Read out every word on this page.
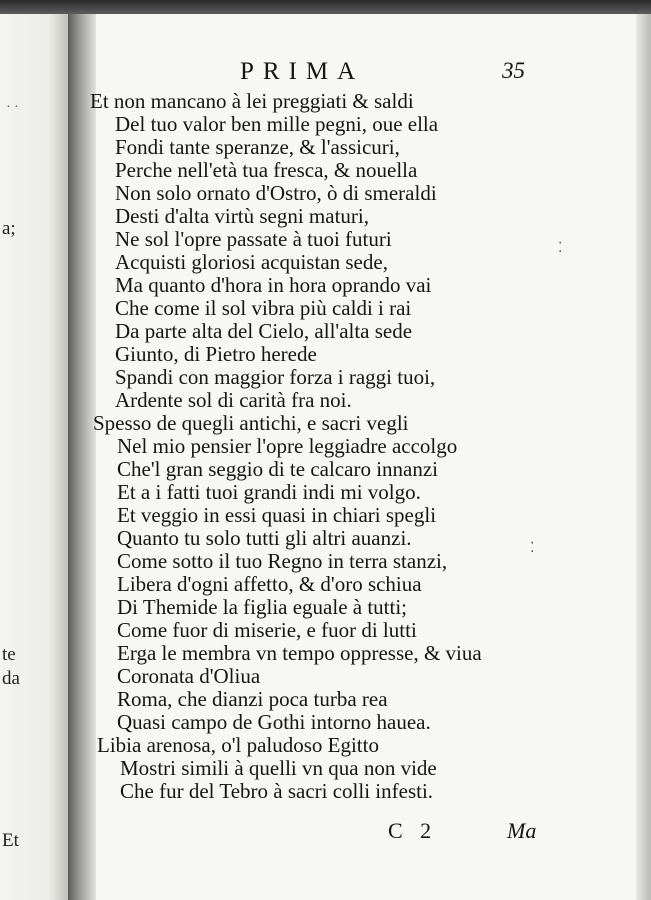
a;
te
da
Et
PRIMA	35
Et non mancano à lei preggiati & saldi
Del tuo valor ben mille pegni, oue ella
Fondi tante speranze, & l'assicuri,
Perche nell'età tua fresca, & nouella
Non solo ornato d'Ostro, ò di smeraldi
Desti d'alta virtù segni maturi,
Ne sol l'opre passate à tuoi futuri
Acquisti gloriosi acquistan sede,
Ma quanto d'hora in hora oprando vai
Che come il sol vibra più caldi i rai
Da parte alta del Cielo, all'alta sede
Giunto, di Pietro herede
Spandi con maggior forza i raggi tuoi,
Ardente sol di carità fra noi.
Spesso de quegli antichi, e sacri vegli
Nel mio pensier l'opre leggiadre accolgo
Che'l gran seggio di te calcaro innanzi
Et a i fatti tuoi grandi indi mi volgo.
Et veggio in essi quasi in chiari spegli
Quanto tu solo tutti gli altri auanzi.
Come sotto il tuo Regno in terra stanzi,
Libera d'ogni affetto, & d'oro schiua
Di Themide la figlia eguale à tutti;
Come fuor di miserie, e fuor di lutti
Erga le membra vn tempo oppresse, & viua
Coronata d'Oliua
Roma, che dianzi poca turba rea
Quasi campo de Gothi intorno hauea.
Libia arenosa, o'l paludoso Egitto
Mostri simili à quelli vn qua non vide
Che fur del Tebro à sacri colli infesti.
C 2	Ma
· ·
⁚
⁚
